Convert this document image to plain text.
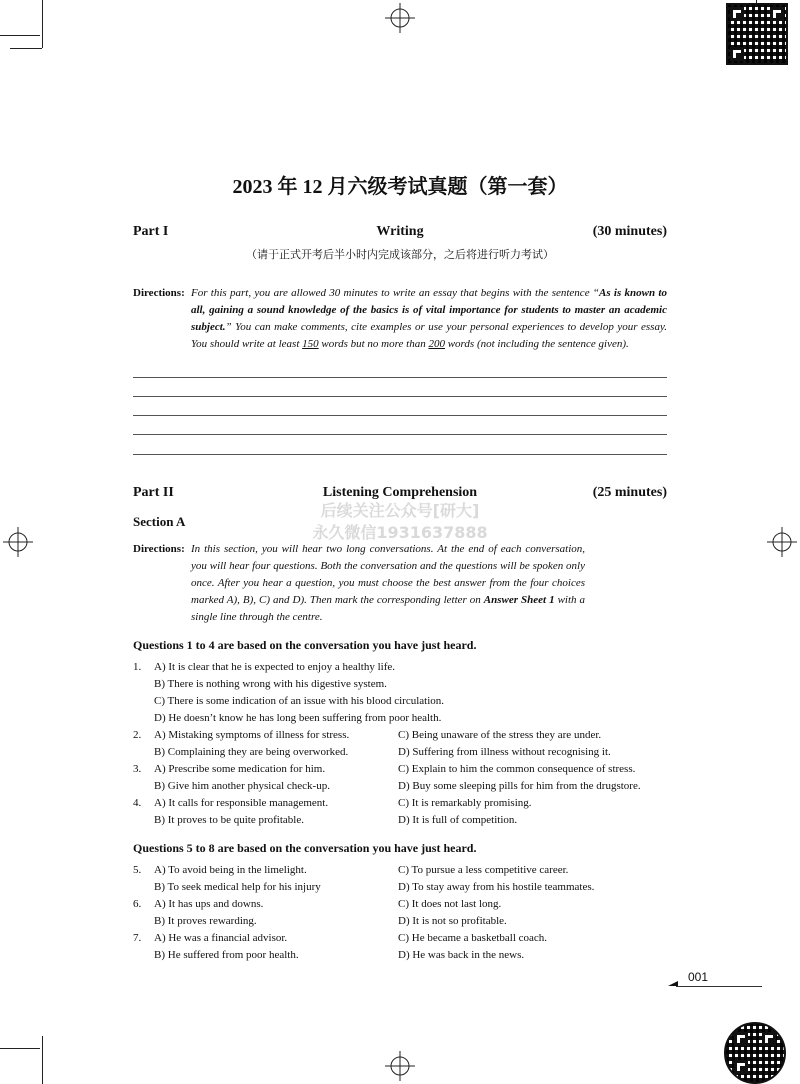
2023 年 12 月六级考试真题（第一套）
Writing
Part I	(30 minutes)
（请于正式开考后半小时内完成该部分，之后将进行听力考试）
Directions: For this part, you are allowed 30 minutes to write an essay that begins with the sentence “As is known to all, gaining a sound knowledge of the basics is of vital importance for students to master an academic subject.” You can make comments, cite examples or use your personal experiences to develop your essay. You should write at least 150 words but no more than 200 words (not including the sentence given).
Listening Comprehension
Part II	(25 minutes)
Section A
后续关注公众号[研大]
永久微信1931637888
Directions: In this section, you will hear two long conversations. At the end of each conversation, you will hear four questions. Both the conversation and the questions will be spoken only once. After you hear a question, you must choose the best answer from the four choices marked A), B), C) and D). Then mark the corresponding letter on Answer Sheet 1 with a single line through the centre.
Questions 1 to 4 are based on the conversation you have just heard.
1. A) It is clear that he is expected to enjoy a healthy life.
B) There is nothing wrong with his digestive system.
C) There is some indication of an issue with his blood circulation.
D) He doesn’t know he has long been suffering from poor health.
2. A) Mistaking symptoms of illness for stress.	C) Being unaware of the stress they are under.
B) Complaining they are being overworked.	D) Suffering from illness without recognising it.
3. A) Prescribe some medication for him.	C) Explain to him the common consequence of stress.
B) Give him another physical check-up.	D) Buy some sleeping pills for him from the drugstore.
4. A) It calls for responsible management.	C) It is remarkably promising.
B) It proves to be quite profitable.	D) It is full of competition.
Questions 5 to 8 are based on the conversation you have just heard.
5. A) To avoid being in the limelight.	C) To pursue a less competitive career.
B) To seek medical help for his injury	D) To stay away from his hostile teammates.
6. A) It has ups and downs.	C) It does not last long.
B) It proves rewarding.	D) It is not so profitable.
7. A) He was a financial advisor.	C) He became a basketball coach.
B) He suffered from poor health.	D) He was back in the news.
001
